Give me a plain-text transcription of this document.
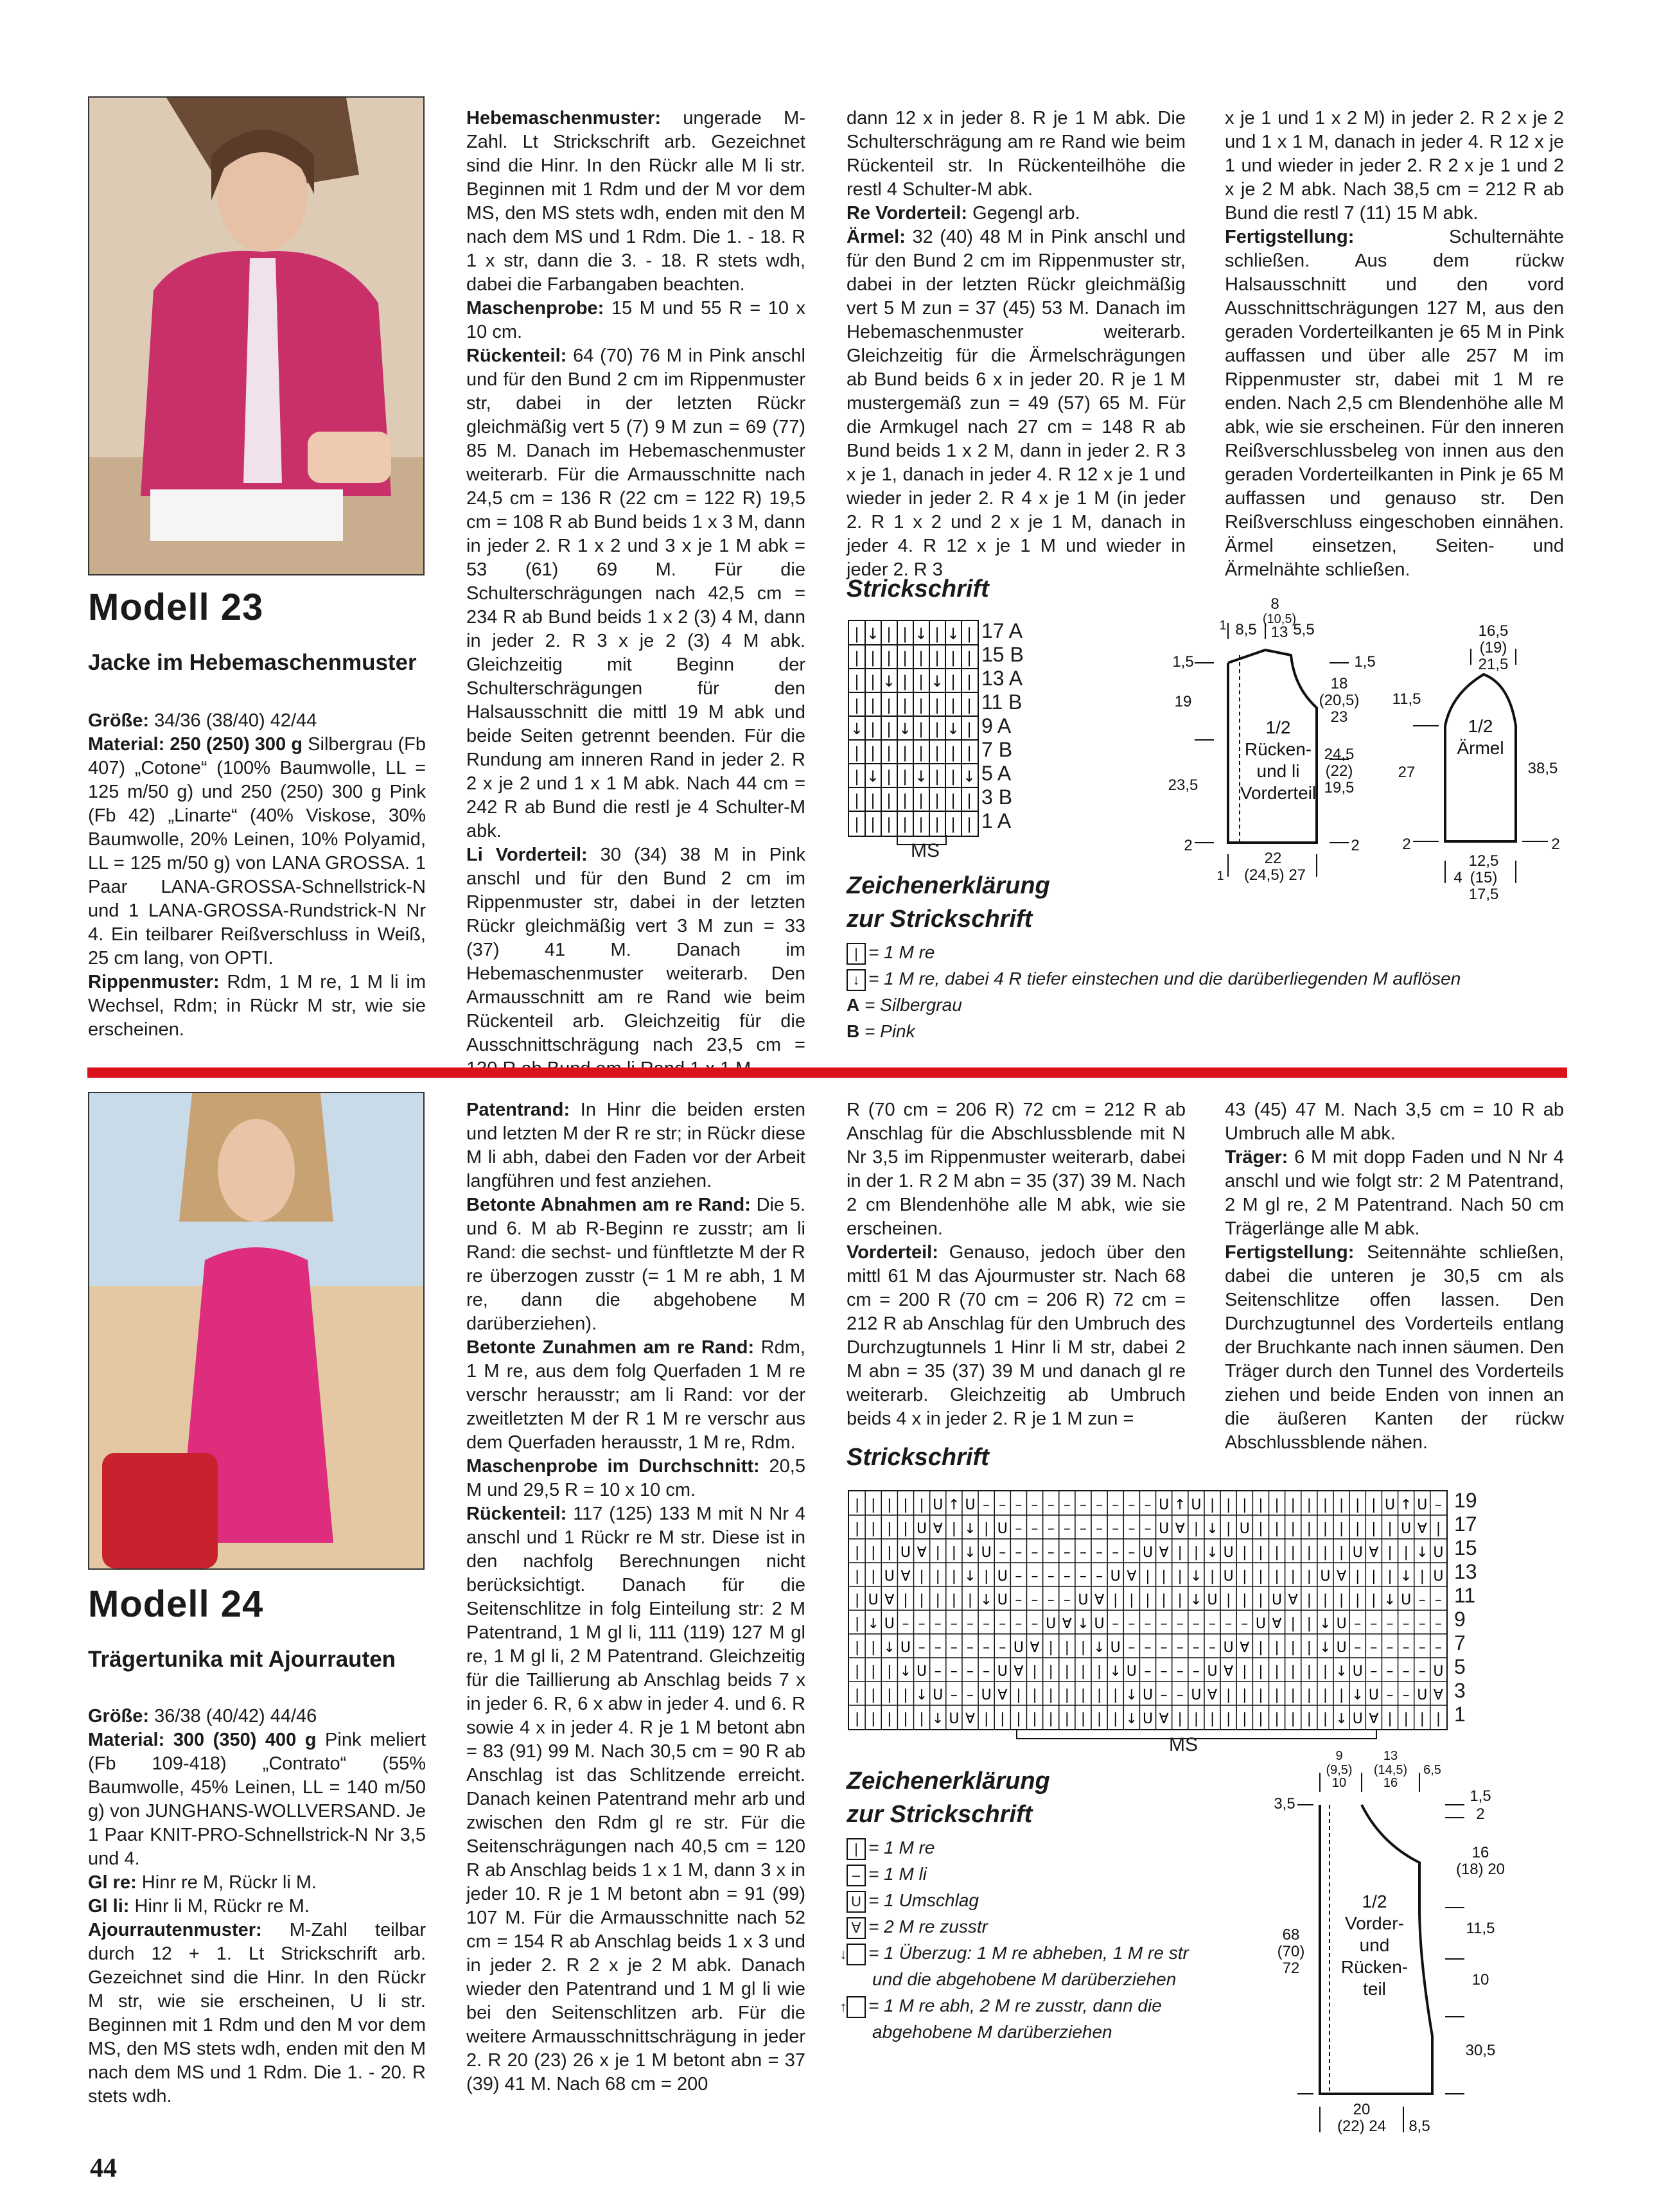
Modell 23
Jacke im Hebemaschenmuster

Größe: 34/36 (38/40) 42/44

Material: 250 (250) 300 g Silbergrau (Fb 407) „Cotone“ (100% Baumwolle, LL = 125 m/50 g) und 250 (250) 300 g Pink (Fb 42) „Linarte“ (40% Viskose, 30% Baumwolle, 20% Leinen, 10% Polyamid, LL = 125 m/50 g) von LANA GROSSA. 1 Paar LANA-GROSSA-Schnellstrick-N und 1 LANA-GROSSA-Rundstrick-N Nr 4. Ein teilbarer Reißverschluss in Weiß, 25 cm lang, von OPTI.

Rippenmuster: Rdm, 1 M re, 1 M li im Wechsel, Rdm; in Rückr M str, wie sie erscheinen.

Hebemaschenmuster: ungerade M-Zahl. Lt Strickschrift arb. Gezeichnet sind die Hinr. In den Rückr alle M li str. Beginnen mit 1 Rdm und der M vor dem MS, den MS stets wdh, enden mit den M nach dem MS und 1 Rdm. Die 1. - 18. R 1 x str, dann die 3. - 18. R stets wdh, dabei die Farbangaben beachten.

Maschenprobe: 15 M und 55 R = 10 x 10 cm.

Rückenteil: 64 (70) 76 M in Pink anschl und für den Bund 2 cm im Rippenmuster str, dabei in der letzten Rückr gleichmäßig vert 5 (7) 9 M zun = 69 (77) 85 M. Danach im Hebemaschenmuster weiterarb. Für die Armausschnitte nach 24,5 cm = 136 R (22 cm = 122 R) 19,5 cm = 108 R ab Bund beids 1 x 3 M, dann in jeder 2. R 1 x 2 und 3 x je 1 M abk = 53 (61) 69 M. Für die Schulterschrägungen nach 42,5 cm = 234 R ab Bund beids 1 x 2 (3) 4 M, dann in jeder 2. R 3 x je 2 (3) 4 M abk. Gleichzeitig mit Beginn der Schulterschrägungen für den Halsausschnitt die mittl 19 M abk und beide Seiten getrennt beenden. Für die Rundung am inneren Rand in jeder 2. R 2 x je 2 und 1 x 1 M abk. Nach 44 cm = 242 R ab Bund die restl je 4 Schulter-M abk.

Li Vorderteil: 30 (34) 38 M in Pink anschl und für den Bund 2 cm im Rippenmuster str, dabei in der letzten Rückr gleichmäßig vert 3 M zun = 33 (37) 41 M. Danach im Hebemaschenmuster weiterarb. Den Armausschnitt am re Rand wie beim Rückenteil arb. Gleichzeitig für die Ausschnittschrägung nach 23,5 cm =

dann 12 x in jeder 8. R je 1 M abk. Die Schulterschrägung am re Rand wie beim Rückenteil str. In Rückenteilhöhe die restl 4 Schulter-M abk.

Re Vorderteil: Gegengl arb.

Ärmel: 32 (40) 48 M in Pink anschl und für den Bund 2 cm im Rippenmuster str, dabei in der letzten Rückr gleichmäßig vert 5 M zun = 37 (45) 53 M. Danach im Hebemaschenmuster weiterarb. Gleichzeitig für die Ärmelschrägungen ab Bund beids 6 x in jeder 20. R je 1 M mustergemäß zun = 49 (57) 65 M. Für die Armkugel nach 27 cm = 148 R ab Bund beids 1 x 2 M, dann in jeder 2. R 3 x je 1, danach in jeder 4. R 12 x je 1 und wieder in jeder 2. R 4 x je 1 M (in jeder 2. R 1 x 2 und 2 x je 1 M, danach in jeder 4. R 12 x je 1 M und wieder in jeder 2. R 3

x je 1 und 1 x 2 M) in jeder 2. R 2 x je 2 und 1 x 1 M, danach in jeder 4. R 12 x je 1 und wieder in jeder 2. R 2 x je 1 und 2 x je 2 M abk. Nach 38,5 cm = 212 R ab Bund die restl 7 (11) 15 M abk.

Fertigstellung: Schulternähte schließen. Aus dem rückw Halsausschnitt und den vord Ausschnittschrägungen 127 M, aus den geraden Vorderteilkanten je 65 M in Pink auffassen und über alle 257 M im Rippenmuster str, dabei mit 1 M re enden. Nach 2,5 cm Blendenhöhe alle M abk, wie sie erscheinen. Für den inneren Reißverschlussbeleg von innen aus den geraden Vorderteilkanten in Pink je 65 M auffassen und genauso str. Den Reißverschluss eingeschoben einnähen. Ärmel einsetzen, Seiten- und Ärmelnähte schließen.

Strickschrift
| ↓ | | ↓ | ↓ |
| | | | | | | |
| | ↓ | | ↓ | |
| | | | | | | |
↓ | | ↓ | | ↓ |
| | | | | | | |
| ↓ | | ↓ | | ↓
| | | | | | | |
| | | | | | | |
17 A
15 B
13 A
11 B
9 A
7 B
5 A
3 B
1 A
MS
Zeichenerklärung
zur Strickschrift
| = 1 M re
↓ = 1 M re, dabei 4 R tiefer einstechen und die darüberliegenden M auflösen
A = Silbergrau
B = Pink
8
(10,5)
13
1 8,5 5,5
1,5
19
23,5
2
1,5
18
(20,5)
23
24,5
(22)
19,5
2
22
(24,5) 27
1
1/2
Rücken-
und li
Vorderteil
16,5
(19)
21,5
11,5
27
2
38,5
2
12,5
(15)
17,5
4
1/2
Ärmel
Modell 24
Trägertunika mit Ajourrauten

Größe: 36/38 (40/42) 44/46

Material: 300 (350) 400 g Pink meliert (Fb 109-418) „Contrato“ (55% Baumwolle, 45% Leinen, LL = 140 m/50 g) von JUNGHANS-WOLLVERSAND. Je 1 Paar KNIT-PRO-Schnellstrick-N Nr 3,5 und 4.

Gl re: Hinr re M, Rückr li M.

Gl li: Hinr li M, Rückr re M.

Ajourrautenmuster: M-Zahl teilbar durch 12 + 1. Lt Strickschrift arb. Gezeichnet sind die Hinr. In den Rückr M str, wie sie erscheinen, U li str. Beginnen mit 1 Rdm und den M vor dem MS, den MS stets wdh, enden mit den M nach dem MS und 1 Rdm. Die 1. - 20. R stets wdh.

Patentrand: In Hinr die beiden ersten und letzten M der R re str; in Rückr diese M li abh, dabei den Faden vor der Arbeit langführen und fest anziehen.

Betonte Abnahmen am re Rand: Die 5. und 6. M ab R-Beginn re zusstr; am li Rand: die sechst- und fünftletzte M der R re überzogen zusstr (= 1 M re abh, 1 M re, dann die abgehobene M darüberziehen).

Betonte Zunahmen am re Rand: Rdm, 1 M re, aus dem folg Querfaden 1 M re verschr herausstr; am li Rand: vor der zweitletzten M der R 1 M re verschr aus dem Querfaden herausstr, 1 M re, Rdm.

Maschenprobe im Durchschnitt: 20,5 M und 29,5 R = 10 x 10 cm.

Rückenteil: 117 (125) 133 M mit N Nr 4 anschl und 1 Rückr re M str. Diese ist in den nachfolg Berechnungen nicht berücksichtigt. Danach für die Seitenschlitze in folg Einteilung str: 2 M Patentrand, 1 M gl li, 111 (119) 127 M gl re, 1 M gl li, 2 M Patentrand. Gleichzeitig für die Taillierung ab Anschlag beids 7 x in jeder 6. R, 6 x abw in jeder 4. und 6. R sowie 4 x in jeder 4. R je 1 M betont abn = 83 (91) 99 M. Nach 30,5 cm = 90 R ab Anschlag ist das Schlitzende erreicht. Danach keinen Patentrand mehr arb und zwischen den Rdm gl re str. Für die Seitenschrägungen nach 40,5 cm = 120 R ab Anschlag beids 1 x 1 M, dann 3 x in jeder 10. R je 1 M betont abn = 91 (99) 107 M. Für die Armausschnitte nach 52 cm = 154 R ab Anschlag beids 1 x 3 und in jeder 2. R 2 x je 2 M abk. Danach wieder den Patentrand und 1 M gl li wie bei den Seitenschlitzen arb. Für die weitere Armausschnittschrägung in jeder 2. R 20 (23) 26 x je 1 M betont abn = 37 (39) 41 M. Nach 68 cm = 200

R (70 cm = 206 R) 72 cm = 212 R ab Anschlag für die Abschlussblende mit N Nr 3,5 im Rippenmuster weiterarb, dabei in der 1. R 2 M abn = 35 (37) 39 M. Nach 2 cm Blendenhöhe alle M abk, wie sie erscheinen.

Vorderteil: Genauso, jedoch über den mittl 61 M das Ajourmuster str. Nach 68 cm = 200 R (70 cm = 206 R) 72 cm = 212 R ab Anschlag für den Umbruch des Durchzugtunnels 1 Hinr li M str, dabei 2 M abn = 35 (37) 39 M und danach gl re weiterarb. Gleichzeitig ab Umbruch beids 4 x in jeder 2. R je 1 M zun =

43 (45) 47 M. Nach 3,5 cm = 10 R ab Umbruch alle M abk.

Träger: 6 M mit dopp Faden und N Nr 4 anschl und wie folgt str: 2 M Patentrand, 2 M gl re, 2 M Patentrand. Nach 50 cm Trägerlänge alle M abk.

Fertigstellung: Seitennähte schließen, dabei die unteren je 30,5 cm als Seitenschlitze offen lassen. Den Durchzugtunnel des Vorderteils entlang der Bruchkante nach innen säumen. Den Träger durch den Tunnel des Vorderteils ziehen und beide Enden von innen an die äußeren Kanten der rückw Abschlussblende nähen.

Strickschrift
| | | | | U ↑ U – – – – – – – – – – – U ↑ U | | | | | | | | | | | U ↑ U –
| | | | U ∀ | ↓ | U – – – – – – – – – U ∀ | ↓ | U | | | | | | | | | U ∀ |
| | | U ∀ | | ↓ U – – – – – – – – – U ∀ | | ↓ U | | | | | | | U ∀ | | ↓ U
| | U ∀ | | | ↓ | U – – – – – – U ∀ | | | ↓ | U | | | | | U ∀ | | | ↓ | U
| U ∀ | | | | | ↓ U – – – – U ∀ | | | | | ↓ U | | | U ∀ | | | | | ↓ U – –
| ↓ U – – – – – – – – – U ∀ ↓ U – – – – – – – – – U ∀ | | ↓ U – – – – – –
| | ↓ U – – – – – – U ∀ | | | ↓ U – – – – – – U ∀ | | | | ↓ U – – – – – –
| | | ↓ U – – – – U ∀ | | | | | ↓ U – – – – U ∀ | | | | | | ↓ U – – – – U
| | | | ↓ U – – U ∀ | | | | | | | ↓ U – – U ∀ | | | | | | | | ↓ U – – U ∀
| | | | | ↓ U ∀ | | | | | | | | | ↓ U ∀ | | | | | | | | | | ↓ U ∀ | | | |
19
17
15
13
11
9
7
5
3
1
MS
Zeichenerklärung
zur Strickschrift
| = 1 M re
– = 1 M li
U = 1 Umschlag
∀ = 2 M re zusstr
↓ = 1 Überzug: 1 M re abheben, 1 M re str und die abgehobene M darüberziehen
↑ = 1 M re abh, 2 M re zusstr, dann die abgehobene M darüberziehen
9
(9,5)
10
13
(14,5)
16
6,5
3,5
68
(70)
72
1,5
2
16
(18) 20
11,5
10
30,5
20
(22) 24 8,5
1/2
Vorder-
und
Rücken-
teil
44
